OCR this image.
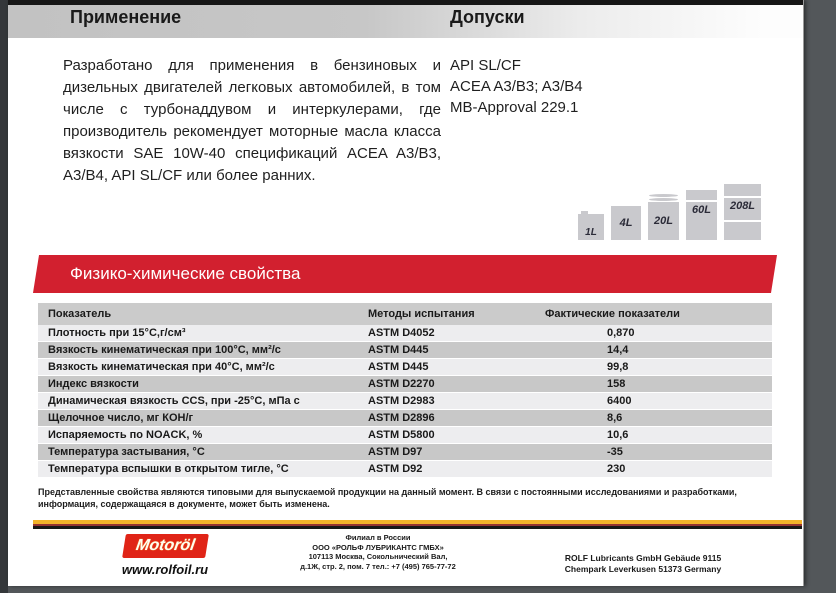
Применение	Допуски
Разработано для применения в бензиновых и дизельных двигателей легковых автомобилей, в том числе с турбонаддувом и интеркулерами, где производитель рекомендует моторные масла класса вязкости SAE 10W-40 спецификаций ACEA A3/B3, A3/B4, API SL/CF или более ранних.
API SL/CF
ACEA A3/B3; A3/B4
MB-Approval 229.1
1L
4L 20L
60L 208L
Физико-химические свойства
Показатель	Методы испытания	Фактические показатели
Плотность при 15°C,г/см³	ASTM D4052	0,870
Вязкость кинематическая при 100°C, мм²/с	ASTM D445	14,4
Вязкость кинематическая при 40°C, мм²/с	ASTM D445	99,8
Индекс вязкости	ASTM D2270	158
Динамическая вязкость CCS, при -25°C, мПа с	ASTM D2983	6400
Щелочное число, мг КОН/г	ASTM D2896	8,6
Испаряемость по NOACK, %	ASTM D5800	10,6
Температура застывания, °С	ASTM D97	-35
Температура вспышки в открытом тигле, °С	ASTM D92	230
Представленные свойства являются типовыми для выпускаемой продукции на данный момент. В связи с постоянными исследованиями и разработками, информация, содержащаяся в документе, может быть изменена.
Motoröl
www.rolfoil.ru
Филиал в России
ООО «РОЛЬФ ЛУБРИКАНТС ГМБХ»
107113 Москва, Сокольнический Вал,
д.1Ж, стр. 2, пом. 7 тел.: +7 (495) 765-77-72
ROLF Lubricants GmbH Gebäude 9115
Chempark Leverkusen 51373 Germany
